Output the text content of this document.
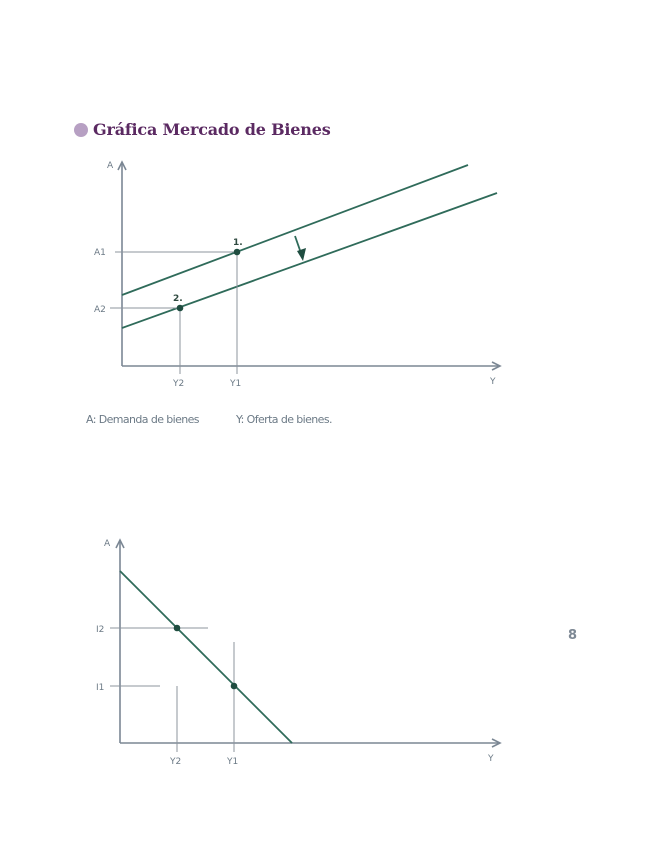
Gráfica Mercado de Bienes
A
Y
1.
2.
A1
A2
Y2	Y1
A
Y
I2
I1
Y2	Y1
A: Demanda de bienes	Y: Oferta de bienes.
8
